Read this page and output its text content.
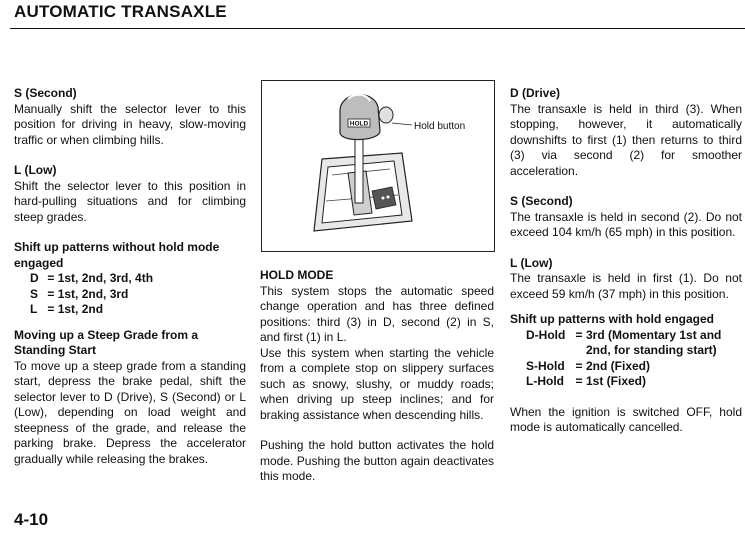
AUTOMATIC TRANSAXLE
S (Second)

Manually shift the selector lever to this position for driving in heavy, slow-moving traffic or when climbing hills.

L (Low)

Shift the selector lever to this position in hard-pulling situations and for climbing steep grades.

Shift up patterns without hold mode engaged
D = 1st, 2nd, 3rd, 4th
S = 1st, 2nd, 3rd
L = 1st, 2nd
Moving up a Steep Grade from a Standing Start

To move up a steep grade from a standing start, depress the brake pedal, shift the selector lever to D (Drive), S (Second) or L (Low), depending on load weight and steepness of the grade, and release the parking brake. Depress the accelerator gradually while releasing the brakes.

HOLD	Hold button
HOLD MODE

This system stops the automatic speed change operation and has three defined positions: third (3) in D, second (2) in S, and first (1) in L.

Use this system when starting the vehicle from a complete stop on slippery surfaces such as snowy, slushy, or muddy roads; when driving up steep inclines; and for braking assistance when descending hills.

Pushing the hold button activates the hold mode. Pushing the button again deactivates this mode.

D (Drive)

The transaxle is held in third (3). When stopping, however, it automatically downshifts to first (1) then returns to third (3) via second (2) for smoother acceleration.

S (Second)

The transaxle is held in second (2). Do not exceed 104 km/h (65 mph) in this position.

L (Low)

The transaxle is held in first (1). Do not exceed 59 km/h (37 mph) in this position.

Shift up patterns with hold engaged
D-Hold = 3rd (Momentary 1st and 2nd, for standing start)
S-Hold = 2nd (Fixed)
L-Hold = 1st (Fixed)

When the ignition is switched OFF, hold mode is automatically cancelled.

4-10
